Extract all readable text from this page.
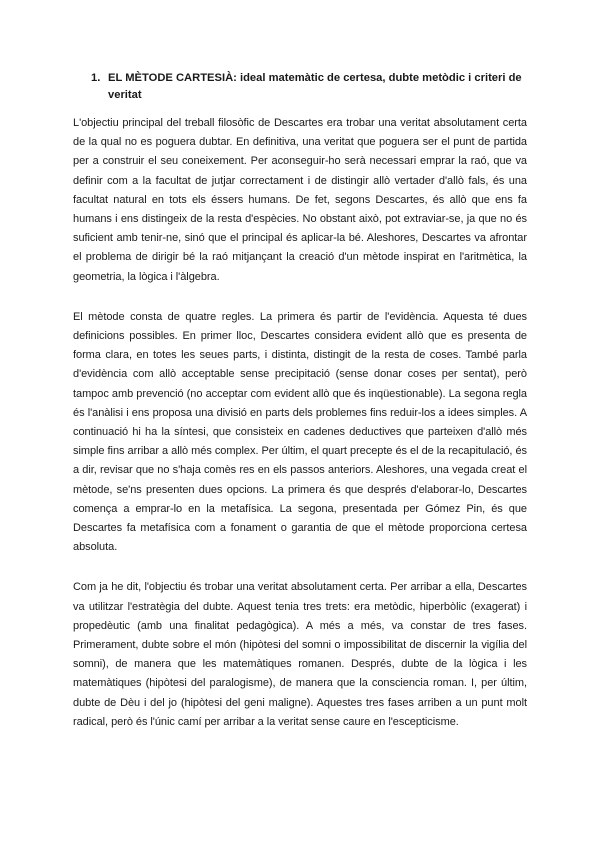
1. EL MÈTODE CARTESIÀ: ideal matemàtic de certesa, dubte metòdic i criteri de veritat

L'objectiu principal del treball filosòfic de Descartes era trobar una veritat absolutament certa de la qual no es poguera dubtar. En definitiva, una veritat que poguera ser el punt de partida per a construir el seu coneixement. Per aconseguir-ho serà necessari emprar la raó, que va definir com a la facultat de jutjar correctament i de distingir allò vertader d'allò fals, és una facultat natural en tots els éssers humans. De fet, segons Descartes, és allò que ens fa humans i ens distingeix de la resta d'espècies. No obstant això, pot extraviar-se, ja que no és suficient amb tenir-ne, sinó que el principal és aplicar-la bé. Aleshores, Descartes va afrontar el problema de dirigir bé la raó mitjançant la creació d'un mètode inspirat en l'aritmètica, la geometria, la lògica i l'àlgebra.

El mètode consta de quatre regles. La primera és partir de l'evidència. Aquesta té dues definicions possibles. En primer lloc, Descartes considera evident allò que es presenta de forma clara, en totes les seues parts, i distinta, distingit de la resta de coses. També parla d'evidència com allò acceptable sense precipitació (sense donar coses per sentat), però tampoc amb prevenció (no acceptar com evident allò que és inqüestionable). La segona regla és l'anàlisi i ens proposa una divisió en parts dels problemes fins reduir-los a idees simples. A continuació hi ha la síntesi, que consisteix en cadenes deductives que parteixen d'allò més simple fins arribar a allò més complex. Per últim, el quart precepte és el de la recapitulació, és a dir, revisar que no s'haja comès res en els passos anteriors. Aleshores, una vegada creat el mètode, se'ns presenten dues opcions. La primera és que després d'elaborar-lo, Descartes comença a emprar-lo en la metafísica. La segona, presentada per Gómez Pin, és que Descartes fa metafísica com a fonament o garantia de que el mètode proporciona certesa absoluta.

Com ja he dit, l'objectiu és trobar una veritat absolutament certa. Per arribar a ella, Descartes va utilitzar l'estratègia del dubte. Aquest tenia tres trets: era metòdic, hiperbòlic (exagerat) i propedèutic (amb una finalitat pedagògica). A més a més, va constar de tres fases. Primerament, dubte sobre el món (hipòtesi del somni o impossibilitat de discernir la vigília del somni), de manera que les matemàtiques romanen. Després, dubte de la lògica i les matemàtiques (hipòtesi del paralogisme), de manera que la consciencia roman. I, per últim, dubte de Dèu i del jo (hipòtesi del geni maligne). Aquestes tres fases arriben a un punt molt radical, però és l'únic camí per arribar a la veritat sense caure en l'escepticisme.
